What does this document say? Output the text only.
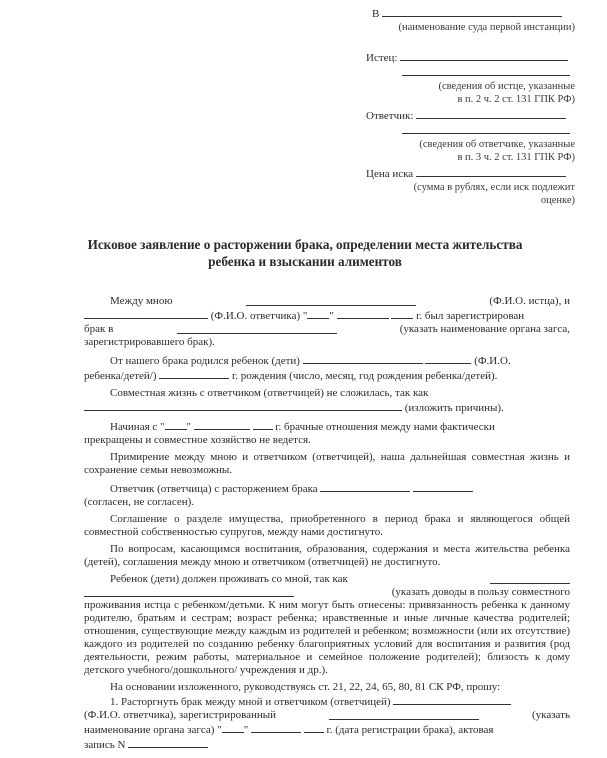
В
(наименование суда первой инстанции)
Истец:
(сведения об истце, указанные
в п. 2 ч. 2 ст. 131 ГПК РФ)
Ответчик:
(сведения об ответчике, указанные
в п. 3 ч. 2 ст. 131 ГПК РФ)
Цена иска
(сумма в рублях, если иск подлежит
оценке)
Исковое заявление о расторжении брака, определении места жительства
ребенка и взыскании алиментов
Между мною	(Ф.И.О. истца), и
(Ф.И.О. ответчика) " "	г. был зарегистрирован
брак в	(указать наименование органа загса,
зарегистрировавшего брак).
От нашего брака родился ребенок (дети)	(Ф.И.О.
ребенка/детей/)	г. рождения (число, месяц, год рождения ребенка/детей).

Совместная жизнь с ответчиком (ответчицей) не сложилась, так как

(изложить причины).
Начиная с " "	г. брачные отношения между нами фактически
прекращены и совместное хозяйство не ведется.

Примирение между мною и ответчиком (ответчицей), наша дальнейшая совместная жизнь и сохранение семьи невозможны.

Ответчик (ответчица) с расторжением брака
(согласен, не согласен).

Соглашение о разделе имущества, приобретенного в период брака и являющегося общей совместной собственностью супругов, между нами достигнуто.

По вопросам, касающимся воспитания, образования, содержания и места жительства ребенка (детей), соглашения между мною и ответчиком (ответчицей) не достигнуто.

Ребенок (дети) должен проживать со мной, так как
(указать доводы в пользу совместного

проживания истца с ребенком/детьми. К ним могут быть отнесены: привязанность ребенка к данному родителю, братьям и сестрам; возраст ребенка; нравственные и иные личные качества родителей; отношения, существующие между каждым из родителей и ребенком; возможности (или их отсутствие) каждого из родителей по созданию ребенку благоприятных условий для воспитания и развития (род деятельности, режим работы, материальное и семейное положение родителей); близость к дому детского учебного/дошкольного/ учреждения и др.).

На основании изложенного, руководствуясь ст. 21, 22, 24, 65, 80, 81 СК РФ, прошу:

1. Расторгнуть брак между мной и ответчиком (ответчицей)
(Ф.И.О. ответчика), зарегистрированный	(указать
наименование органа загса) " "	г. (дата регистрации брака), актовая
запись N
